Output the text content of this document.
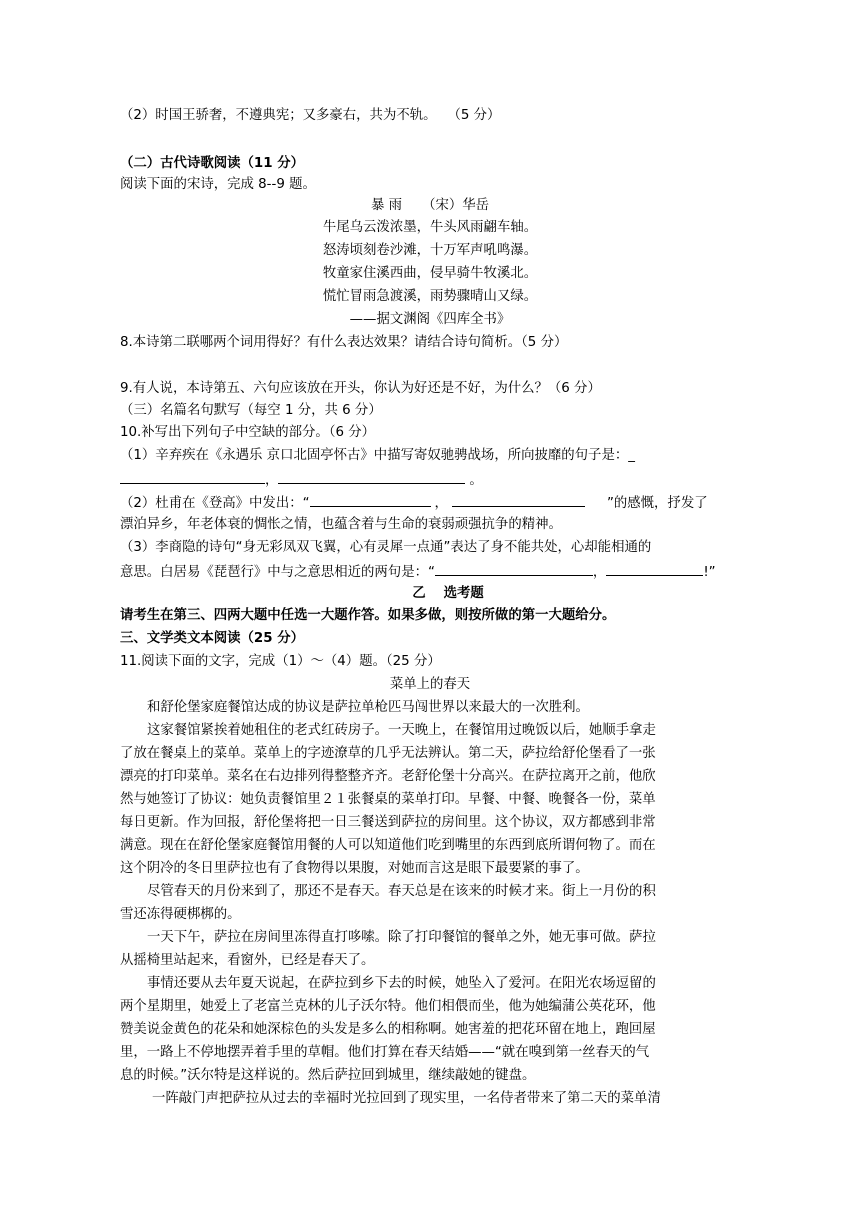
（2）时国王骄奢，不遵典宪；又多豪右，共为不轨。　 （5 分）
（二）古代诗歌阅读（11 分）
阅读下面的宋诗，完成 8--9 题。
暴 雨　　（宋）华岳
牛尾乌云泼浓墨，牛头风雨翩车轴。
怒涛顷刻卷沙滩，十万军声吼鸣瀑。
牧童家住溪西曲，侵早骑牛牧溪北。
慌忙冒雨急渡溪，雨势骤晴山又绿。
——据文渊阁《四库全书》
8.本诗第二联哪两个词用得好？有什么表达效果？请结合诗句简析。（5 分）
9.有人说，本诗第五、六句应该放在开头，你认为好还是不好，为什么？（6 分）
（三）名篇名句默写（每空 1 分，共 6 分）
10.补写出下列句子中空缺的部分。（6 分）
（1）辛弃疾在《永遇乐 京口北固亭怀古》中描写寄奴驰骋战场，所向披靡的句子是：_
，	。
（2）杜甫在《登高》中发出：“	，	”的感慨，抒发了
漂泊异乡，年老体衰的惆怅之情，也蕴含着与生命的衰弱顽强抗争的精神。
（3）李商隐的诗句“身无彩凤双飞翼，心有灵犀一点通”表达了身不能共处，心却能相通的
意思。白居易《琵琶行》中与之意思相近的两句是：“	，	!”
乙　 选考题
请考生在第三、四两大题中任选一大题作答。如果多做，则按所做的第一大题给分。
三、文学类文本阅读（25 分）
11.阅读下面的文字，完成（1）～（4）题。（25 分）
菜单上的春天
和舒伦堡家庭餐馆达成的协议是萨拉单枪匹马闯世界以来最大的一次胜利。
这家餐馆紧挨着她租住的老式红砖房子。一天晚上，在餐馆用过晚饭以后，她顺手拿走
了放在餐桌上的菜单。菜单上的字迹潦草的几乎无法辨认。第二天，萨拉给舒伦堡看了一张
漂亮的打印菜单。菜名在右边排列得整整齐齐。老舒伦堡十分高兴。在萨拉离开之前，他欣
然与她签订了协议：她负责餐馆里２１张餐桌的菜单打印。早餐、中餐、晚餐各一份，菜单
每日更新。作为回报，舒伦堡将把一日三餐送到萨拉的房间里。这个协议，双方都感到非常
满意。现在在舒伦堡家庭餐馆用餐的人可以知道他们吃到嘴里的东西到底所谓何物了。而在
这个阴冷的冬日里萨拉也有了食物得以果腹，对她而言这是眼下最要紧的事了。
尽管春天的月份来到了，那还不是春天。春天总是在该来的时候才来。街上一月份的积
雪还冻得硬梆梆的。
一天下午，萨拉在房间里冻得直打哆嗦。除了打印餐馆的餐单之外，她无事可做。萨拉
从摇椅里站起来，看窗外，已经是春天了。
事情还要从去年夏天说起，在萨拉到乡下去的时候，她坠入了爱河。在阳光农场逗留的
两个星期里，她爱上了老富兰克林的儿子沃尔特。他们相偎而坐，他为她编蒲公英花环，他
赞美说金黄色的花朵和她深棕色的头发是多么的相称啊。她害羞的把花环留在地上，跑回屋
里，一路上不停地摆弄着手里的草帽。他们打算在春天结婚——“就在嗅到第一丝春天的气
息的时候。”沃尔特是这样说的。然后萨拉回到城里，继续敲她的键盘。
一阵敲门声把萨拉从过去的幸福时光拉回到了现实里，一名侍者带来了第二天的菜单清
